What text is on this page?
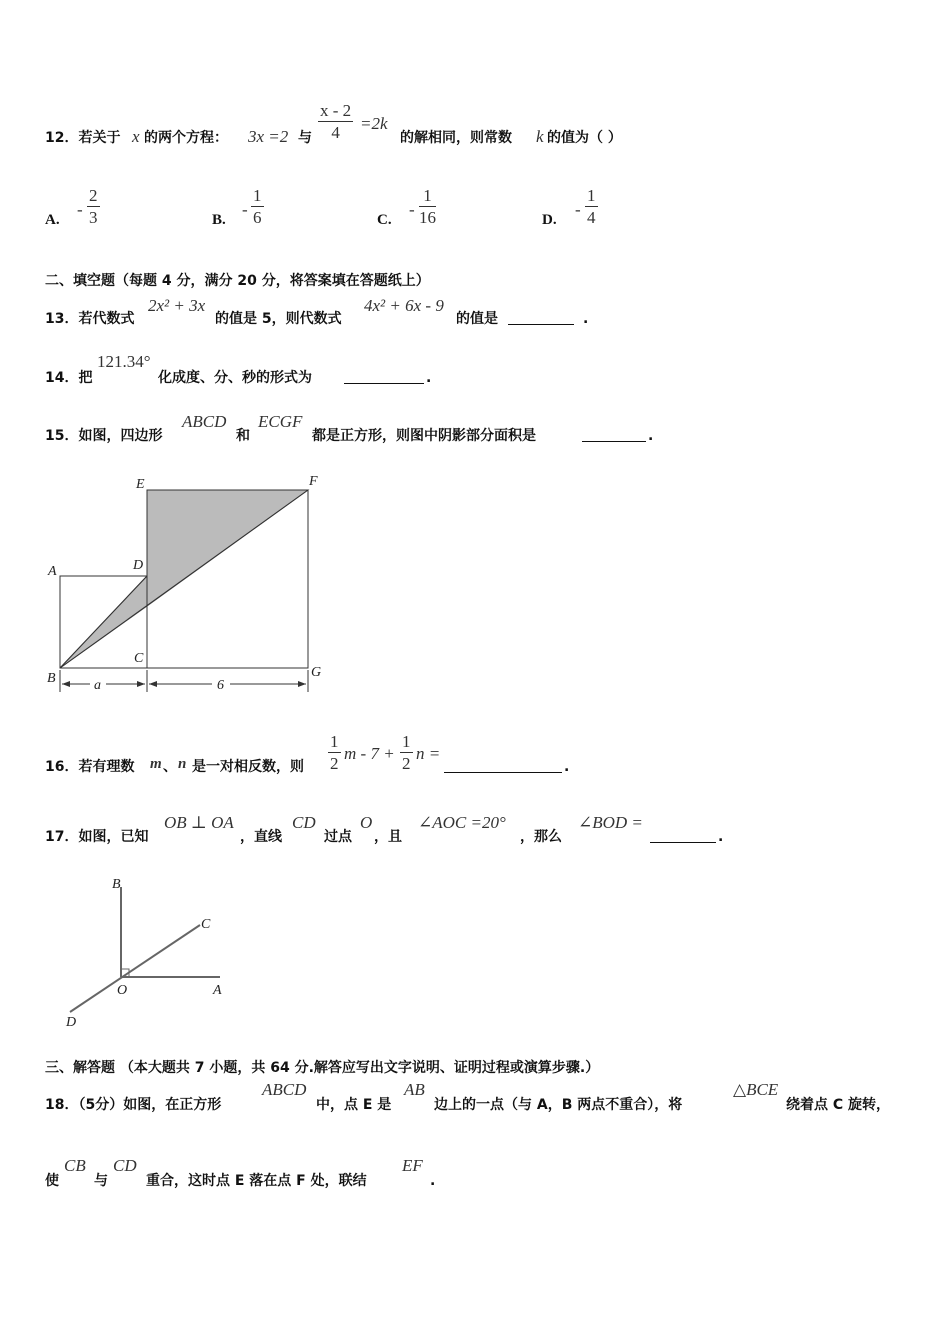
12．若关于 x 的两个方程： 3x =2 与 $\frac{x - 2}{4} =2k$
的解相同，则常数 k 的值为（ ）
A.
- $\frac{2}{3}$	B.
- $\frac{1}{6}$	C.
- $\frac{1}{16}$	D.
- $\frac{1}{4}$
二、填空题（每题 4 分，满分 20 分，将答案填在答题纸上）
13．若代数式
2x² + 3x
的值是 5，则代数式
4x² + 6x - 9
的值是	.
14．把
121.34°
化成度、分、秒的形式为	.
15．如图，四边形
ABCD
和
ECGF
都是正方形，则图中阴影部分面积是	.
E	F
A	D
B
C
G
a	6
B
C
O	A
D
16．若有理数 m 、 n 是一对相反数，则 $\frac{1}{2}$ $m - 7 + \frac{1}{2}$ n =
.
17．如图，已知
OB ⊥ OA
，直线
CD
过点
O
，且
∠AOC =20°
，那么
∠BOD =
.
三、解答题 （本大题共 7 小题，共 64 分.解答应写出文字说明、证明过程或演算步骤.）
18．（5分）如图，在正方形
ABCD
中，点 E 是
AB
边上的一点（与 A，B 两点不重合），将
△BCE
绕着点 C 旋转，
使
CB
与
CD
重合，这时点 E 落在点 F 处，联结
EF
.
